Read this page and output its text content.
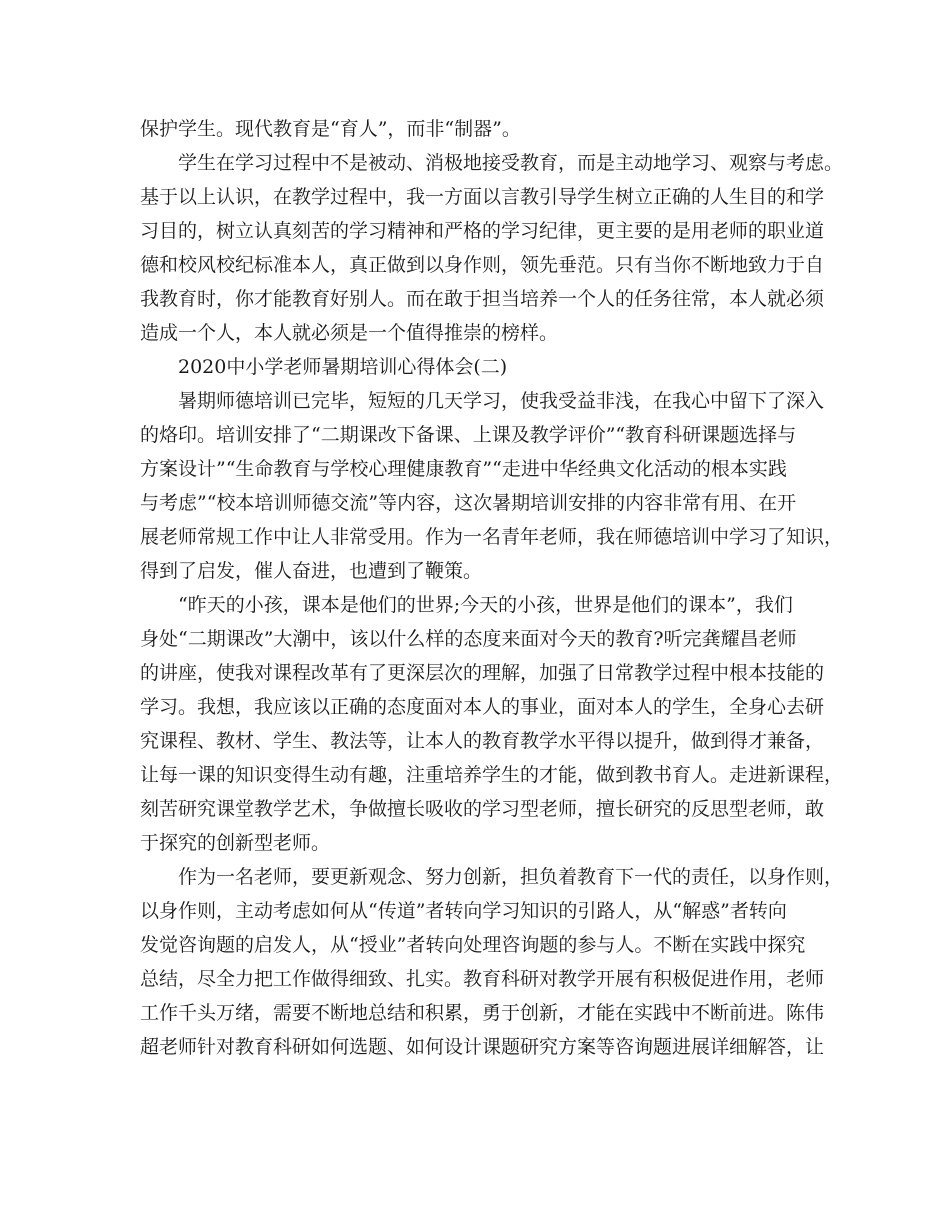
保护学生。现代教育是“育人”，而非“制器”。
学生在学习过程中不是被动、消极地接受教育，而是主动地学习、观察与考虑。
基于以上认识，在教学过程中，我一方面以言教引导学生树立正确的人生目的和学
习目的，树立认真刻苦的学习精神和严格的学习纪律，更主要的是用老师的职业道
德和校风校纪标准本人，真正做到以身作则，领先垂范。只有当你不断地致力于自
我教育时，你才能教育好别人。而在敢于担当培养一个人的任务往常，本人就必须
造成一个人，本人就必须是一个值得推崇的榜样。
2020中小学老师暑期培训心得体会(二)
暑期师德培训已完毕，短短的几天学习，使我受益非浅，在我心中留下了深入
的烙印。培训安排了“二期课改下备课、上课及教学评价”“教育科研课题选择与
方案设计”“生命教育与学校心理健康教育”“走进中华经典文化活动的根本实践
与考虑”“校本培训师德交流”等内容，这次暑期培训安排的内容非常有用、在开
展老师常规工作中让人非常受用。作为一名青年老师，我在师德培训中学习了知识，
得到了启发，催人奋进，也遭到了鞭策。
“昨天的小孩，课本是他们的世界;今天的小孩，世界是他们的课本”，我们
身处“二期课改”大潮中，该以什么样的态度来面对今天的教育?听完龚耀昌老师
的讲座，使我对课程改革有了更深层次的理解，加强了日常教学过程中根本技能的
学习。我想，我应该以正确的态度面对本人的事业，面对本人的学生，全身心去研
究课程、教材、学生、教法等，让本人的教育教学水平得以提升，做到得才兼备，
让每一课的知识变得生动有趣，注重培养学生的才能，做到教书育人。走进新课程，
刻苦研究课堂教学艺术，争做擅长吸收的学习型老师，擅长研究的反思型老师，敢
于探究的创新型老师。
作为一名老师，要更新观念、努力创新，担负着教育下一代的责任，以身作则，
以身作则，主动考虑如何从“传道”者转向学习知识的引路人，从“解惑”者转向
发觉咨询题的启发人，从“授业”者转向处理咨询题的参与人。不断在实践中探究
总结，尽全力把工作做得细致、扎实。教育科研对教学开展有积极促进作用，老师
工作千头万绪，需要不断地总结和积累，勇于创新，才能在实践中不断前进。陈伟
超老师针对教育科研如何选题、如何设计课题研究方案等咨询题进展详细解答，让
